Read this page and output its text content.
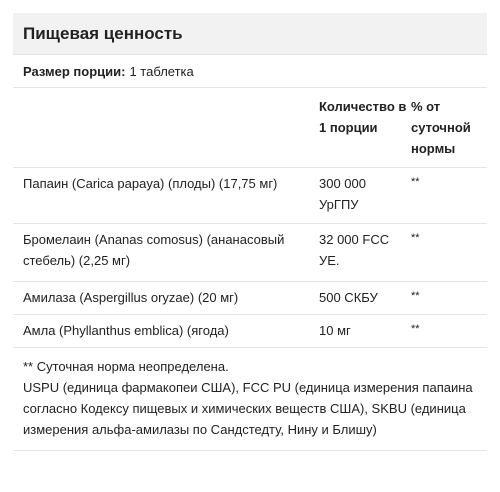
Пищевая ценность
Размер порции: 1 таблетка
	Количество в 1 порции	% от суточной нормы
Папаин (Carica papaya) (плоды) (17,75 мг)	300 000 УрГПУ	**
Бромелаин (Ananas comosus) (ананасовый стебель) (2,25 мг)	32 000 FCC УЕ.	**
Амилаза (Aspergillus oryzae) (20 мг)	500 СКБУ	**
Амла (Phyllanthus emblica) (ягода)	10 мг	**

** Суточная норма неопределена.

USPU (единица фармакопеи США), FCC PU (единица измерения папаина согласно Кодексу пищевых и химических веществ США), SKBU (единица измерения альфа-амилазы по Сандстедту, Нину и Блишу)
